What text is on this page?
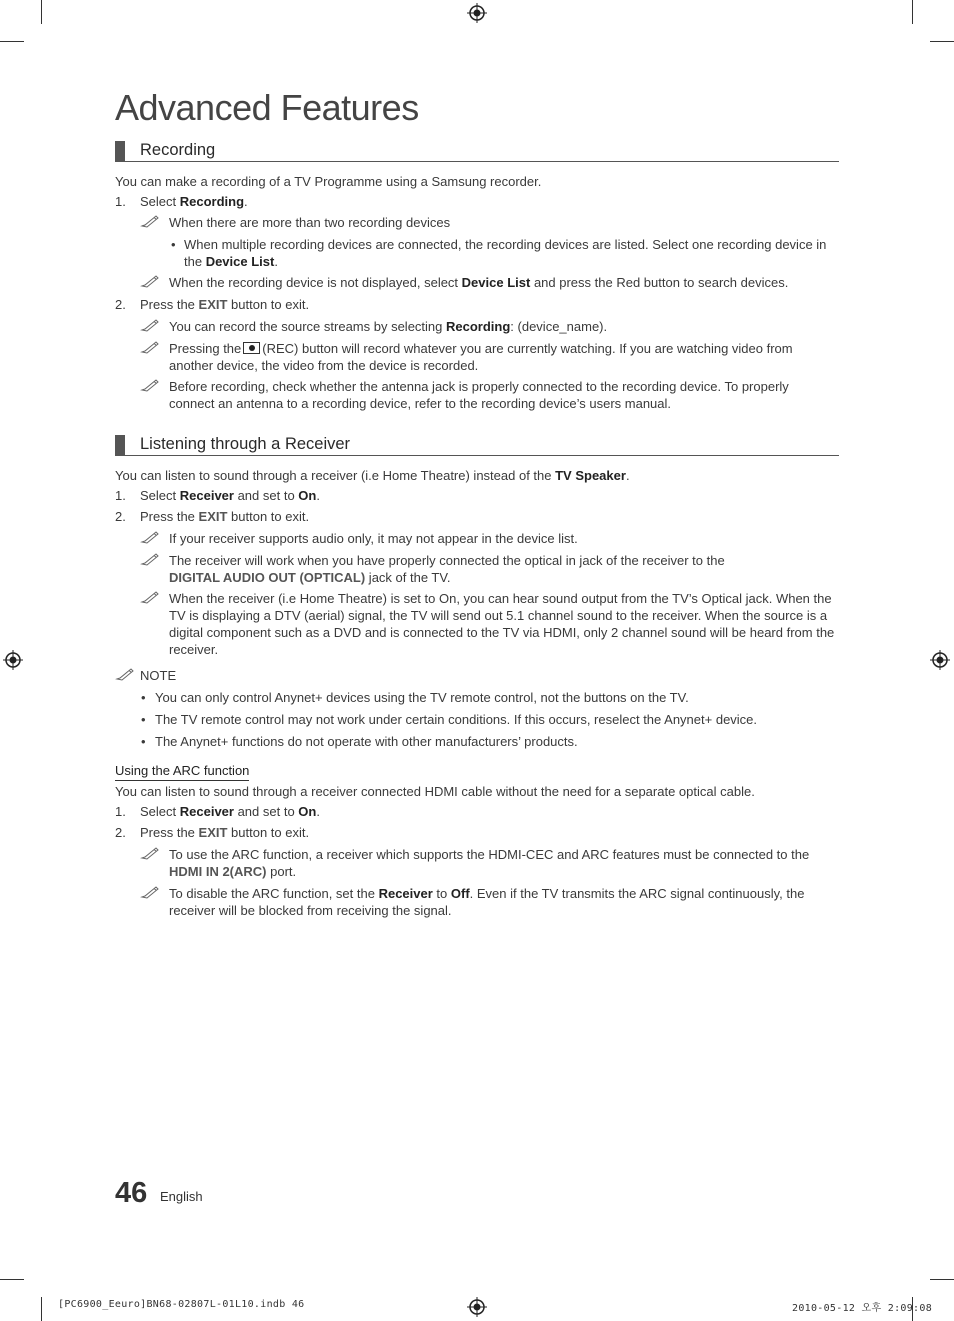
Advanced Features
Recording
You can make a recording of a TV Programme using a Samsung recorder.
1. Select Recording.
When there are more than two recording devices
• When multiple recording devices are connected, the recording devices are listed. Select one recording device in the Device List.
When the recording device is not displayed, select Device List and press the Red button to search devices.
2. Press the EXIT button to exit.
You can record the source streams by selecting Recording: (device_name).
Pressing the (REC) button will record whatever you are currently watching. If you are watching video from another device, the video from the device is recorded.
Before recording, check whether the antenna jack is properly connected to the recording device. To properly connect an antenna to a recording device, refer to the recording device’s users manual.
Listening through a Receiver
You can listen to sound through a receiver (i.e Home Theatre) instead of the TV Speaker.
1. Select Receiver and set to On.
2. Press the EXIT button to exit.
If your receiver supports audio only, it may not appear in the device list.
The receiver will work when you have properly connected the optical in jack of the receiver to the DIGITAL AUDIO OUT (OPTICAL) jack of the TV.
When the receiver (i.e Home Theatre) is set to On, you can hear sound output from the TV’s Optical jack. When the TV is displaying a DTV (aerial) signal, the TV will send out 5.1 channel sound to the receiver. When the source is a digital component such as a DVD and is connected to the TV via HDMI, only 2 channel sound will be heard from the receiver.
NOTE
• You can only control Anynet+ devices using the TV remote control, not the buttons on the TV.
• The TV remote control may not work under certain conditions. If this occurs, reselect the Anynet+ device.
• The Anynet+ functions do not operate with other manufacturers’ products.
Using the ARC function
You can listen to sound through a receiver connected HDMI cable without the need for a separate optical cable.
1. Select Receiver and set to On.
2. Press the EXIT button to exit.
To use the ARC function, a receiver which supports the HDMI-CEC and ARC features must be connected to the HDMI IN 2(ARC) port.
To disable the ARC function, set the Receiver to Off. Even if the TV transmits the ARC signal continuously, the receiver will be blocked from receiving the signal.
46 English
[PC6900_Eeuro]BN68-02807L-01L10.indb 46	2010-05-12 오후 2:09:08
